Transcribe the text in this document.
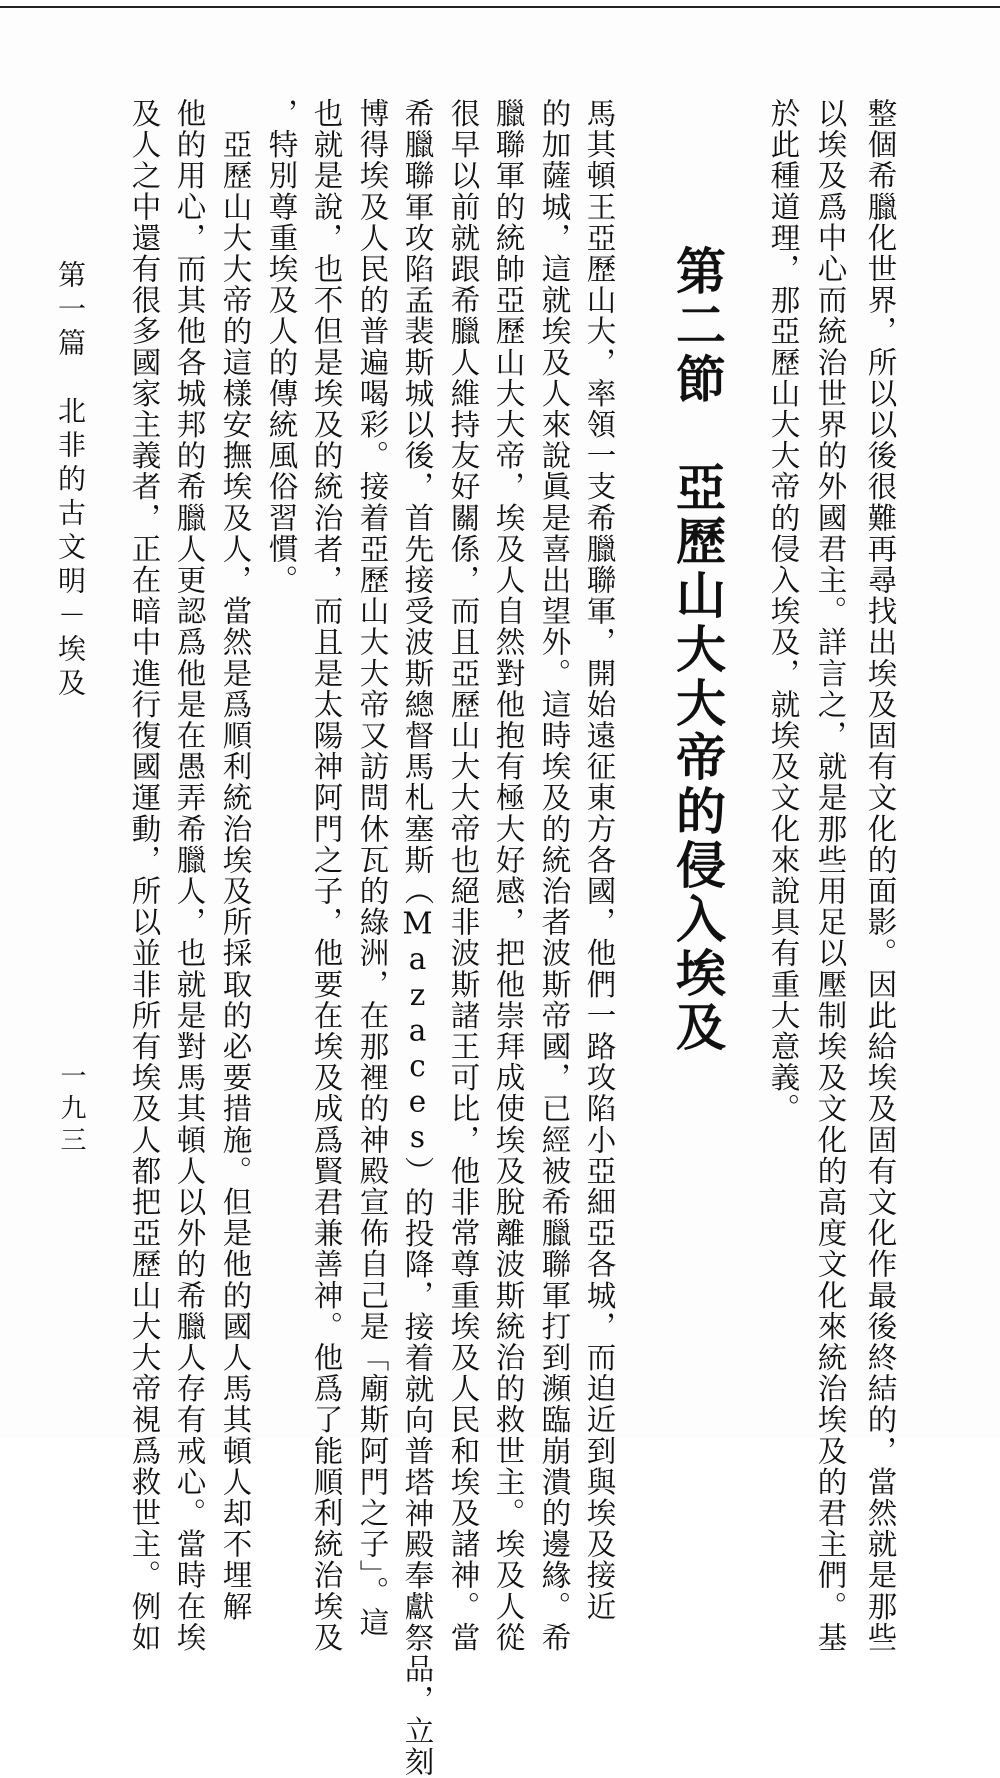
整個希臘化世界，所以以後很難再尋找出埃及固有文化的面影。因此給埃及固有文化作最後終結的，當然就是那些
以埃及爲中心而統治世界的外國君主。詳言之，就是那些用足以壓制埃及文化的高度文化來統治埃及的君主們。基
於此種道理，那亞歷山大大帝的侵入埃及，就埃及文化來說具有重大意義。
第二節　亞歷山大大帝的侵入埃及
馬其頓王亞歷山大，率領一支希臘聯軍，開始遠征東方各國，他們一路攻陷小亞細亞各城，而迫近到與埃及接近
的加薩城，這就埃及人來說眞是喜出望外。這時埃及的統治者波斯帝國，已經被希臘聯軍打到瀕臨崩潰的邊緣。希
臘聯軍的統帥亞歷山大大帝，埃及人自然對他抱有極大好感，把他崇拜成使埃及脫離波斯統治的救世主。埃及人從
很早以前就跟希臘人維持友好關係，而且亞歷山大大帝也絕非波斯諸王可比，他非常尊重埃及人民和埃及諸神。當
希臘聯軍攻陷孟裴斯城以後，首先接受波斯總督馬札塞斯（Mazaces）的投降，接着就向普塔神殿奉獻祭品，立刻
博得埃及人民的普遍喝彩。接着亞歷山大大帝又訪問休瓦的綠洲，在那裡的神殿宣佈自己是「廟斯阿門之子」。這
也就是說，也不但是埃及的統治者，而且是太陽神阿門之子，他要在埃及成爲賢君兼善神。他爲了能順利統治埃及
，特別尊重埃及人的傳統風俗習慣。
　亞歷山大大帝的這樣安撫埃及人，當然是爲順利統治埃及所採取的必要措施。但是他的國人馬其頓人却不埋解
他的用心，而其他各城邦的希臘人更認爲他是在愚弄希臘人，也就是對馬其頓人以外的希臘人存有戒心。當時在埃
及人之中還有很多國家主義者，正在暗中進行復國運動，所以並非所有埃及人都把亞歷山大大帝視爲救世主。例如
第一篇　北非的古文明－埃及
一九三
